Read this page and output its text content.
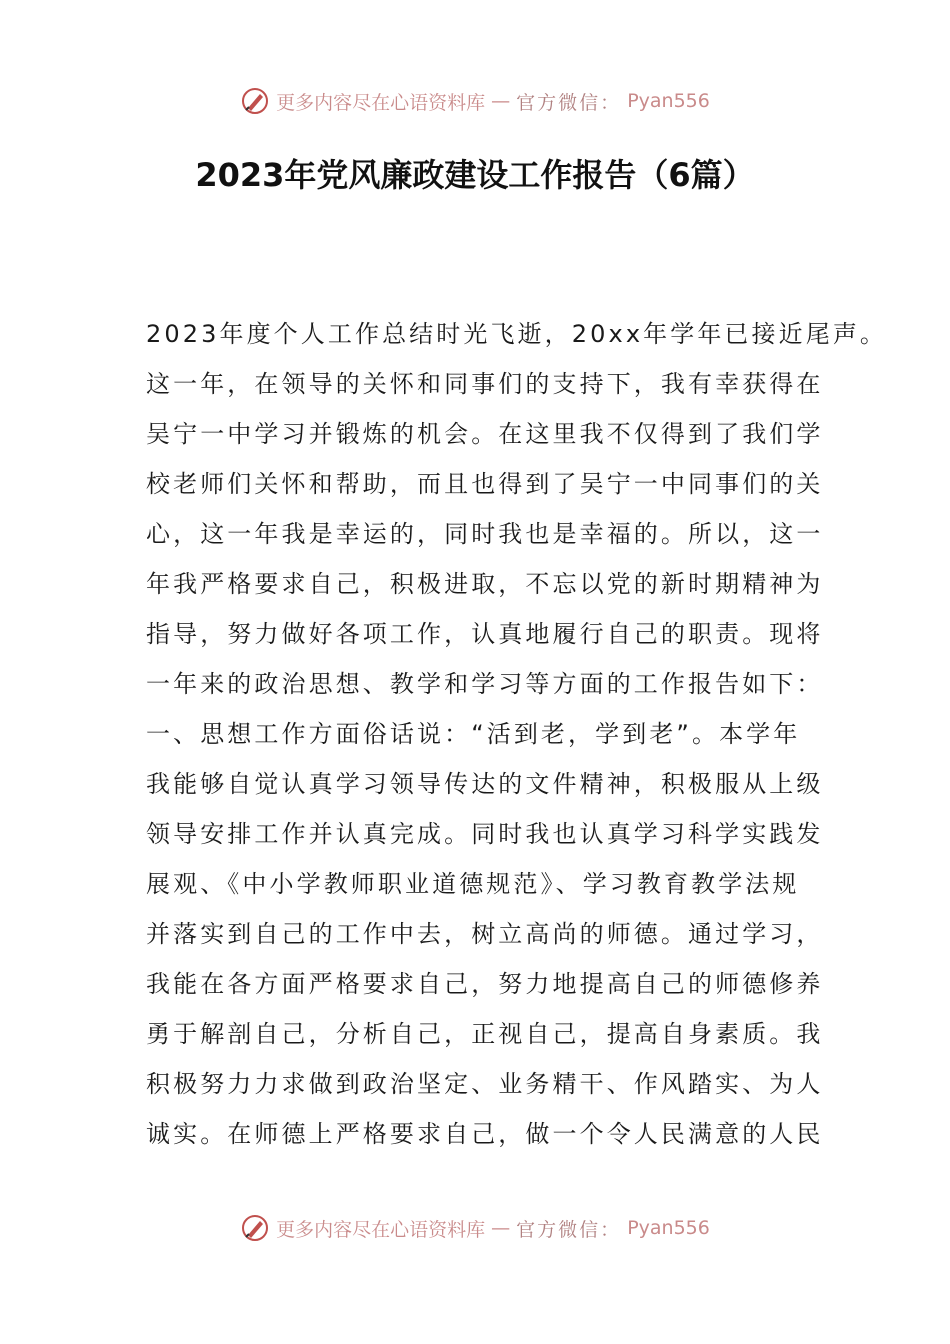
更多内容尽在心语资料库 — 官方微信： Pyan556
2023年党风廉政建设工作报告（6篇）
2023年度个人工作总结时光飞逝，20xx年学年已接近尾声。
这一年，在领导的关怀和同事们的支持下，我有幸获得在
吴宁一中学习并锻炼的机会。在这里我不仅得到了我们学
校老师们关怀和帮助，而且也得到了吴宁一中同事们的关
心，这一年我是幸运的，同时我也是幸福的。所以，这一
年我严格要求自己，积极进取，不忘以党的新时期精神为
指导，努力做好各项工作，认真地履行自己的职责。现将
一年来的政治思想、教学和学习等方面的工作报告如下：
一、思想工作方面俗话说：“活到老，学到老”。本学年
我能够自觉认真学习领导传达的文件精神，积极服从上级
领导安排工作并认真完成。同时我也认真学习科学实践发
展观、《中小学教师职业道德规范》、学习教育教学法规
并落实到自己的工作中去，树立高尚的师德。通过学习，
我能在各方面严格要求自己，努力地提高自己的师德修养
勇于解剖自己，分析自己，正视自己，提高自身素质。我
积极努力力求做到政治坚定、业务精干、作风踏实、为人
诚实。在师德上严格要求自己，做一个令人民满意的人民
更多内容尽在心语资料库 — 官方微信： Pyan556
